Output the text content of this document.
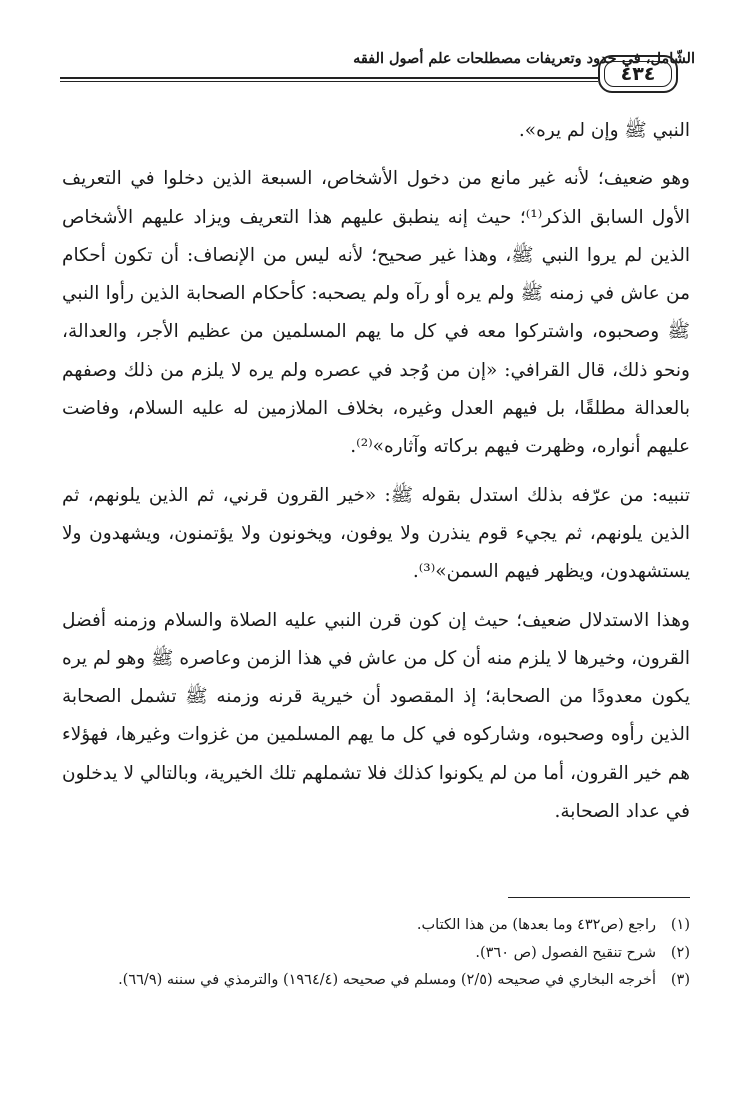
الشّامل، في حدود وتعريفات مصطلحات علم أصول الفقه
٤٣٤

النبي ﷺ وإن لم يره».

وهو ضعيف؛ لأنه غير مانع من دخول الأشخاص، السبعة الذين دخلوا في التعريف الأول السابق الذكر⁽¹⁾؛ حيث إنه ينطبق عليهم هذا التعريف ويزاد عليهم الأشخاص الذين لم يروا النبي ﷺ، وهذا غير صحيح؛ لأنه ليس من الإنصاف: أن تكون أحكام من عاش في زمنه ﷺ ولم يره أو رآه ولم يصحبه: كأحكام الصحابة الذين رأوا النبي ﷺ وصحبوه، واشتركوا معه في كل ما يهم المسلمين من عظيم الأجر، والعدالة، ونحو ذلك، قال القرافي: «إن من وُجد في عصره ولم يره لا يلزم من ذلك وصفهم بالعدالة مطلقًا، بل فيهم العدل وغيره، بخلاف الملازمين له عليه السلام، وفاضت عليهم أنواره، وظهرت فيهم بركاته وآثاره»⁽²⁾.

تنبيه: من عرّفه بذلك استدل بقوله ﷺ: «خير القرون قرني، ثم الذين يلونهم، ثم الذين يلونهم، ثم يجيء قوم ينذرن ولا يوفون، ويخونون ولا يؤتمنون، ويشهدون ولا يستشهدون، ويظهر فيهم السمن»⁽³⁾.

وهذا الاستدلال ضعيف؛ حيث إن كون قرن النبي عليه الصلاة والسلام وزمنه أفضل القرون، وخيرها لا يلزم منه أن كل من عاش في هذا الزمن وعاصره ﷺ وهو لم يره يكون معدودًا من الصحابة؛ إذ المقصود أن خيرية قرنه وزمنه ﷺ تشمل الصحابة الذين رأوه وصحبوه، وشاركوه في كل ما يهم المسلمين من غزوات وغيرها، فهؤلاء هم خير القرون، أما من لم يكونوا كذلك فلا تشملهم تلك الخيرية، وبالتالي لا يدخلون في عداد الصحابة.

(١)
راجع (ص٤٣٢ وما بعدها) من هذا الكتاب.
(٢)
شرح تنقيح الفصول (ص ٣٦٠).
(٣)
أخرجه البخاري في صحيحه (٢/٥) ومسلم في صحيحه (١٩٦٤/٤) والترمذي في سننه (٦٦/٩).
